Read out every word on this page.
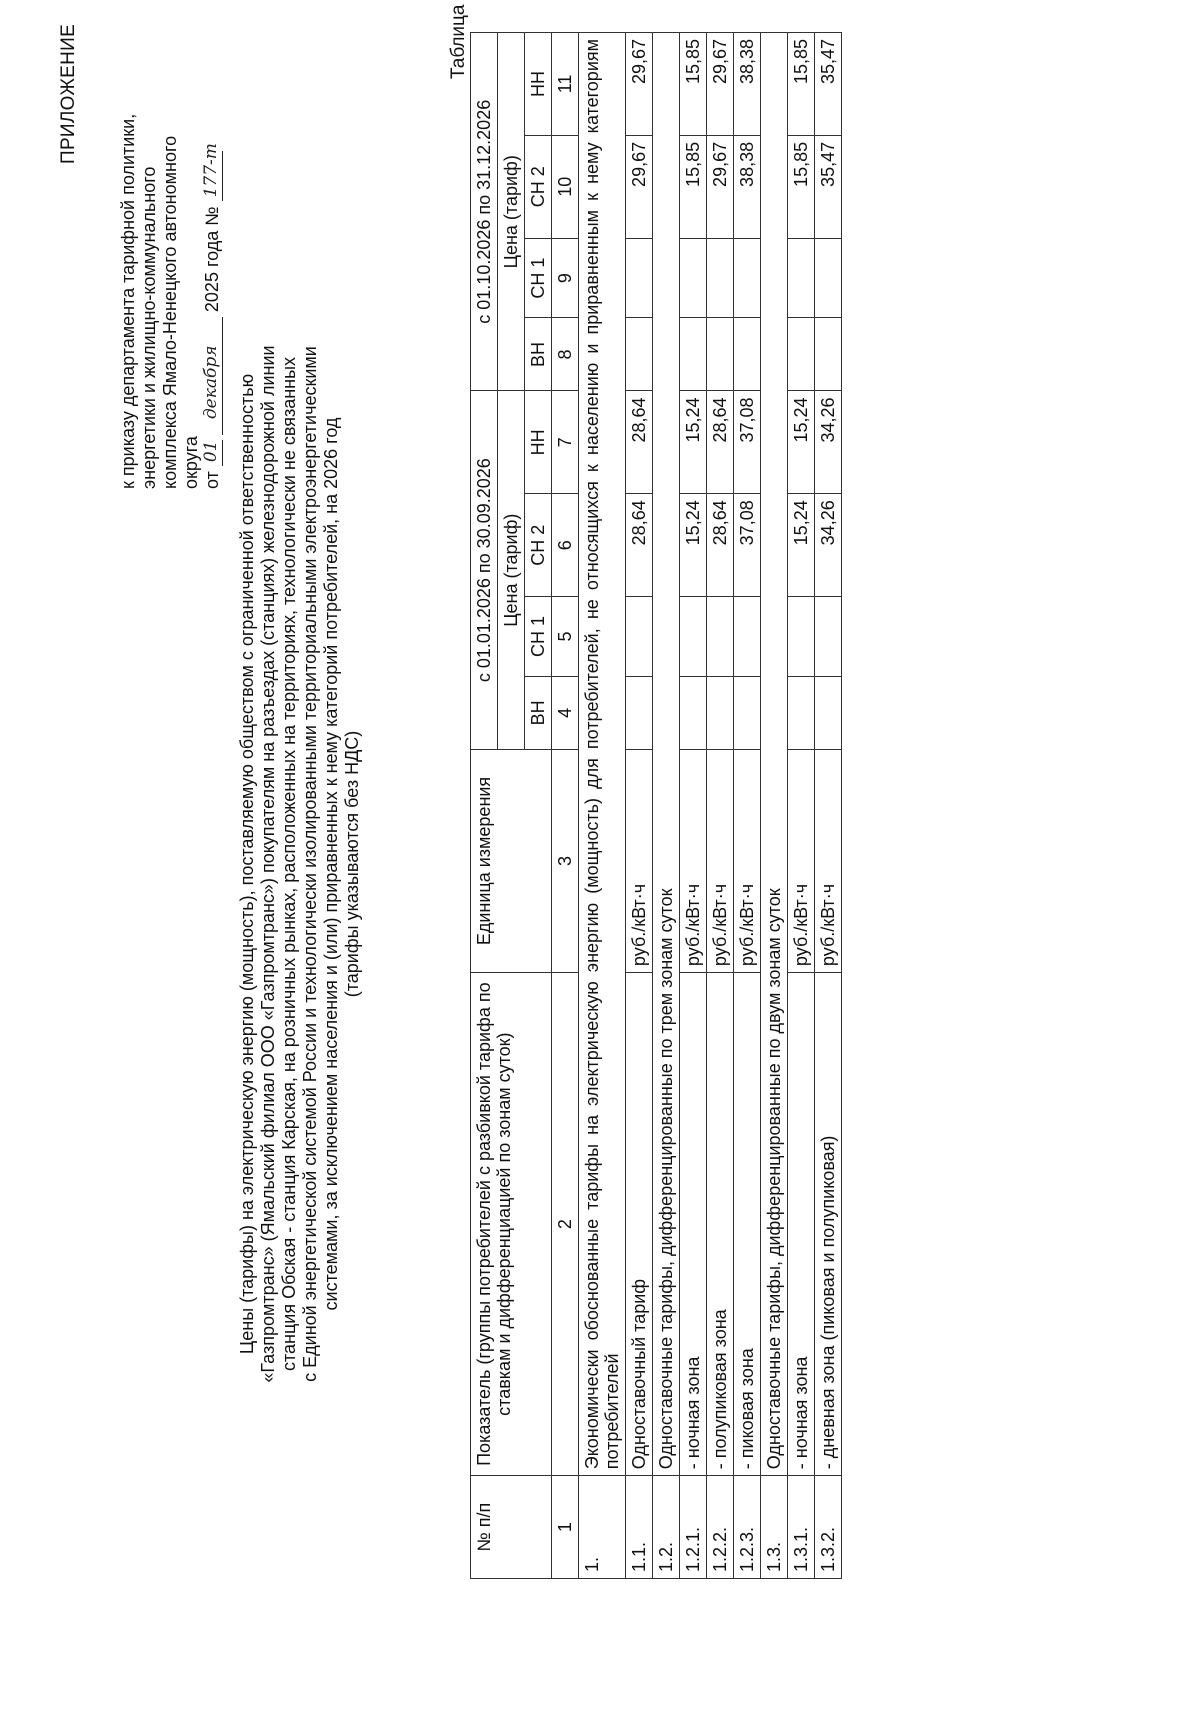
ПРИЛОЖЕНИЕ
к приказу департамента тарифной политики, энергетики и жилищно-коммунального комплекса Ямало-Ненецкого автономного округа от
01

декабря
2025 года №
177-т
Цены (тарифы) на электрическую энергию (мощность), поставляемую обществом с ограниченной ответственностью «Газпромтранс» (Ямальский филиал ООО «Газпромтранс») покупателям на разъездах (станциях) железнодорожной линии станция Обская - станция Карская, на розничных рынках, расположенных на территориях, технологически не связанных с Единой энергетической системой России и технологически изолированными территориальными электроэнергетическими системами, за исключением населения и (или) приравненных к нему категорий потребителей, на 2026 год (тарифы указываются без НДС)
Таблица
№ п/п	Показатель (группы потребителей с разбивкой тарифа по ставкам и дифференциацией по зонам суток)	Единица измерения	с 01.01.2026 по 30.09.2026				с 01.10.2026 по 31.12.2026			
			Цена (тариф)				Цена (тариф)			
			ВН	СН 1	СН 2	НН	ВН	СН 1	СН 2	НН
1	2	3	4	5	6	7	8	9	10	11
1.	Экономически обоснованные тарифы на электрическую энергию (мощность) для потребителей, не относящихся к населению и приравненным к нему категориям потребителей									
1.1.	Одноставочный тариф	руб./кВт·ч			28,64	28,64			29,67	29,67
1.2.	Одноставочные тарифы, дифференцированные по трем зонам суток									
1.2.1.	- ночная зона	руб./кВт·ч			15,24	15,24			15,85	15,85
1.2.2.	- полупиковая зона	руб./кВт·ч			28,64	28,64			29,67	29,67
1.2.3.	- пиковая зона	руб./кВт·ч			37,08	37,08			38,38	38,38
1.3.	Одноставочные тарифы, дифференцированные по двум зонам суток									
1.3.1.	- ночная зона	руб./кВт·ч			15,24	15,24			15,85	15,85
1.3.2.	- дневная зона (пиковая и полупиковая)	руб./кВт·ч			34,26	34,26			35,47	35,47
